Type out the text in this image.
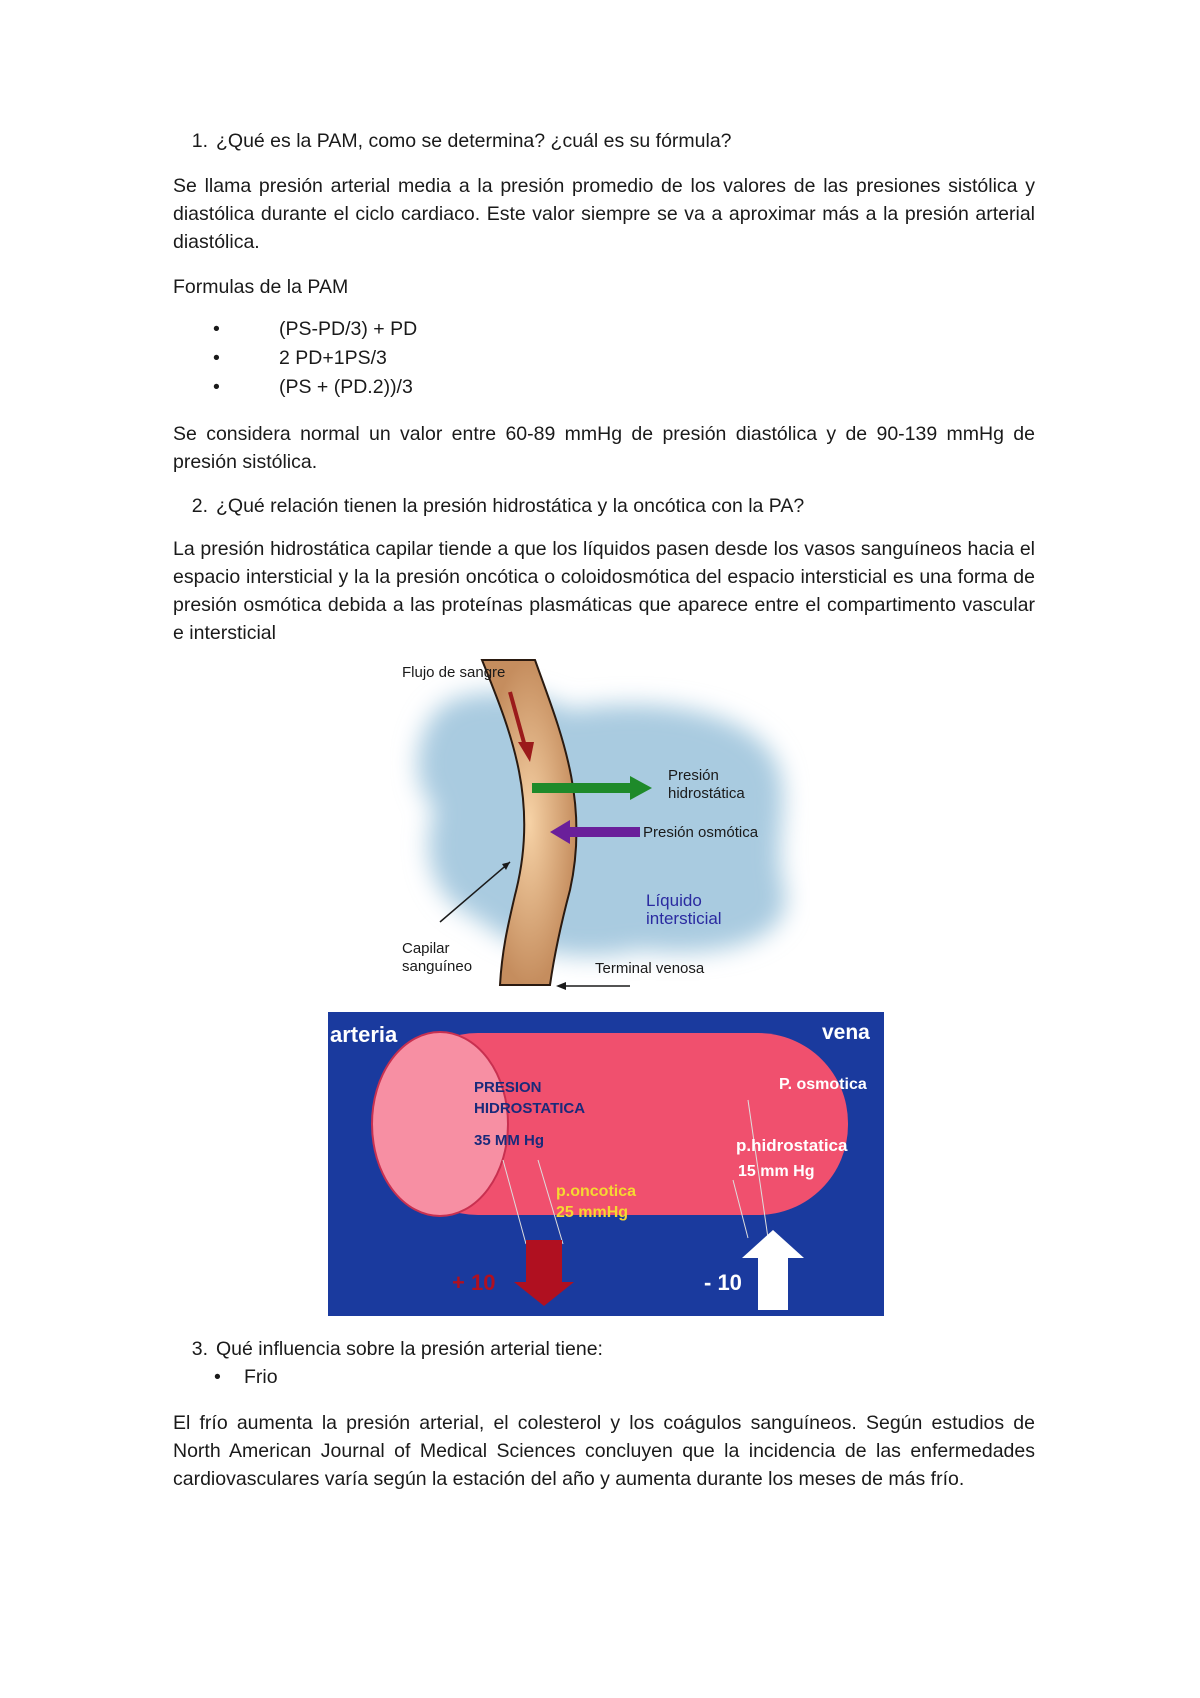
1. ¿Qué es la PAM, como se determina? ¿cuál es su fórmula?

Se llama presión arterial media a la presión promedio de los valores de las presiones sistólica y diastólica durante el ciclo cardiaco. Este valor siempre se va a aproximar más a la presión arterial diastólica.

Formulas de la PAM

•	(PS-PD/3) + PD
•	2 PD+1PS/3
•	(PS + (PD.2))/3

Se considera normal un valor entre 60-89 mmHg de presión diastólica y de 90-139 mmHg de presión sistólica.

2. ¿Qué relación tienen la presión hidrostática y la oncótica con la PA?

La presión hidrostática capilar tiende a que los líquidos pasen desde los vasos sanguíneos hacia el espacio intersticial y la la presión oncótica o coloidosmótica del espacio intersticial es una forma de presión osmótica debida a las proteínas plasmáticas que aparece entre el compartimento vascular e intersticial

Flujo de sangre
Presión
hidrostática
Presión osmótica
Líquido
intersticial
Capilar
sanguíneo	Terminal venosa
arteria	vena
PRESION
HIDROSTATICA
35 MM Hg
p.oncotica
25 mmHg
P. osmotica
p.hidrostatica
15 mm Hg
+ 10	- 10

3. Qué influencia sobre la presión arterial tiene:

• Frio

El frío aumenta la presión arterial, el colesterol y los coágulos sanguíneos. Según estudios de North American Journal of Medical Sciences concluyen que la incidencia de las enfermedades cardiovasculares varía según la estación del año y aumenta durante los meses de más frío.
